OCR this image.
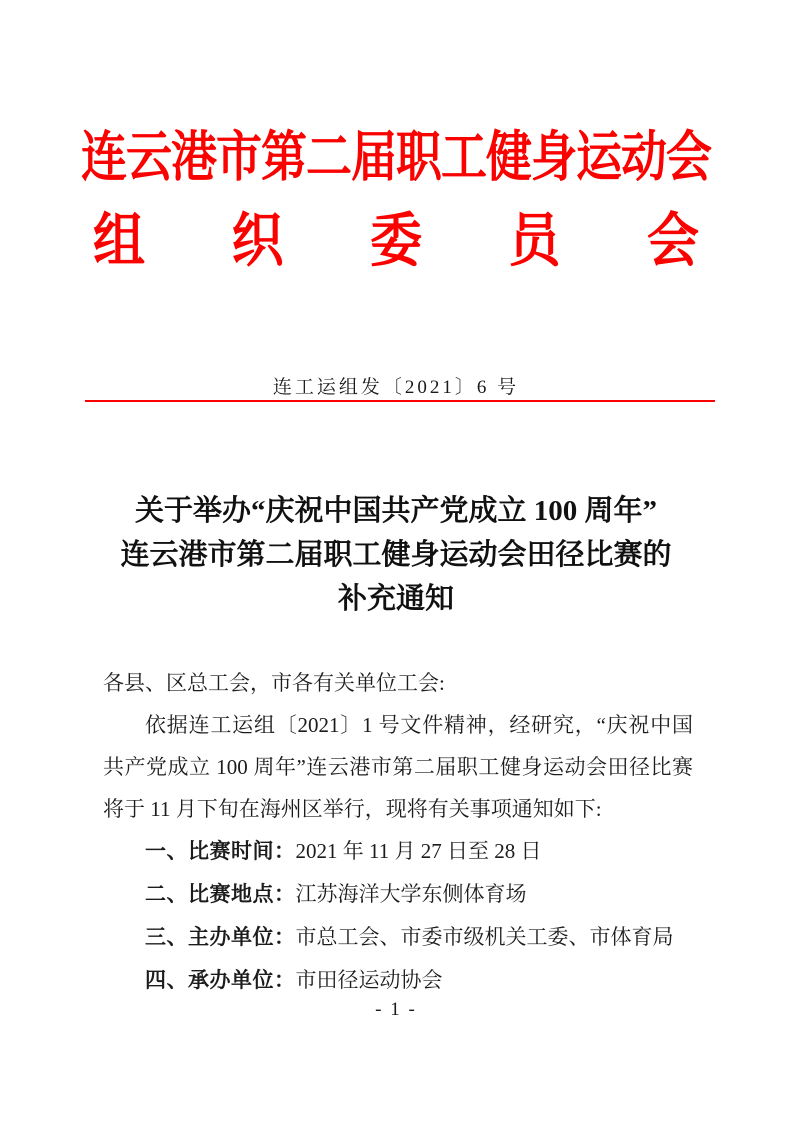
连云港市第二届职工健身运动会
组 织 委 员 会
连工运组发〔2021〕6 号
关于举办“庆祝中国共产党成立 100 周年”
连云港市第二届职工健身运动会田径比赛的
补充通知
各县、区总工会，市各有关单位工会:
依据连工运组〔2021〕1 号文件精神，经研究，“庆祝中国共产党成立 100 周年”连云港市第二届职工健身运动会田径比赛将于 11 月下旬在海州区举行，现将有关事项通知如下:
一、比赛时间：2021 年 11 月 27 日至 28 日
二、比赛地点：江苏海洋大学东侧体育场
三、主办单位：市总工会、市委市级机关工委、市体育局
四、承办单位：市田径运动协会
- 1 -
